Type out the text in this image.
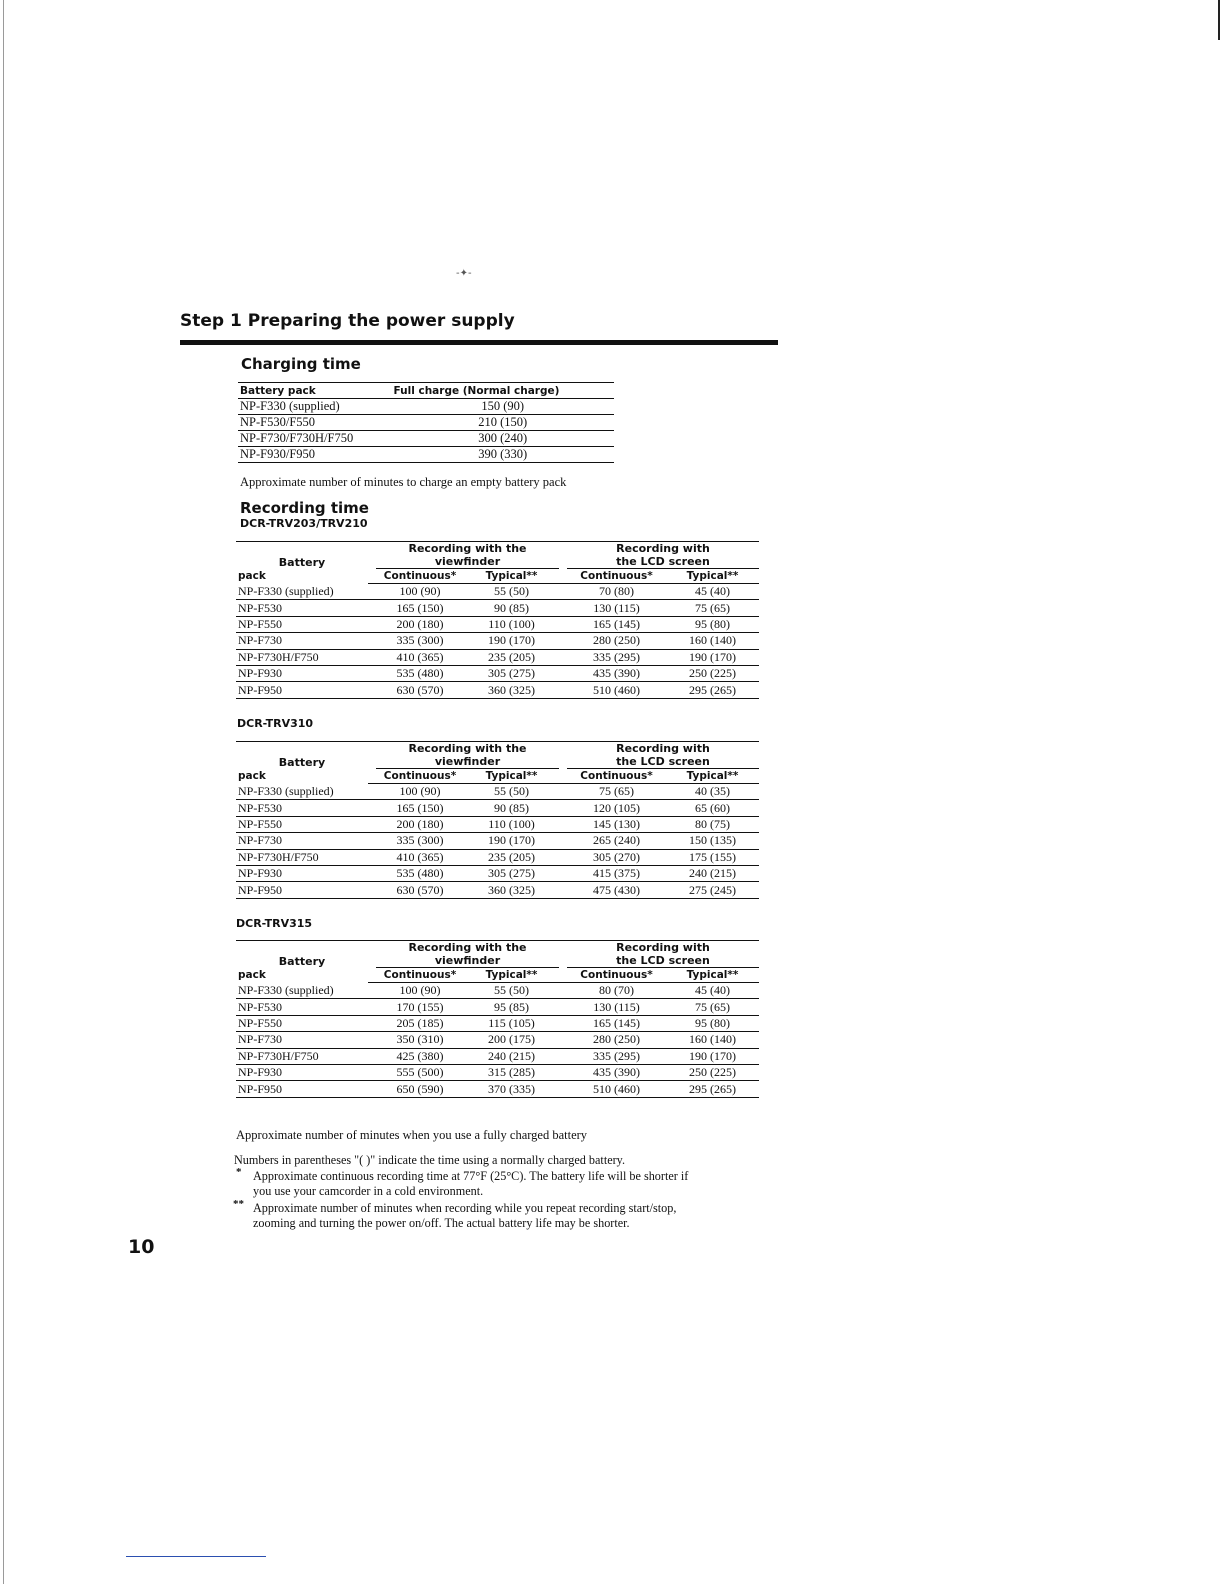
-✦-
Step 1 Preparing the power supply
Charging time
Battery pack	Full charge (Normal charge)
NP-F330 (supplied)	150 (90)
NP-F530/F550	210 (150)
NP-F730/F730H/F750	300 (240)
NP-F930/F950	390 (330)

Approximate number of minutes to charge an empty battery pack

Recording time
DCR-TRV203/TRV210
Battery		Recording with the viewfinder			Recording with the LCD screen	

pack		Continuous*	Typical**		Continuous*	Typical**
NP-F330 (supplied)		100 (90)	55 (50)		70 (80)	45 (40)
NP-F530		165 (150)	90 (85)		130 (115)	75 (65)
NP-F550		200 (180)	110 (100)		165 (145)	95 (80)
NP-F730		335 (300)	190 (170)		280 (250)	160 (140)
NP-F730H/F750		410 (365)	235 (205)		335 (295)	190 (170)
NP-F930		535 (480)	305 (275)		435 (390)	250 (225)
NP-F950		630 (570)	360 (325)		510 (460)	295 (265)
DCR-TRV310
Battery		Recording with the viewfinder			Recording with the LCD screen	

pack		Continuous*	Typical**		Continuous*	Typical**
NP-F330 (supplied)		100 (90)	55 (50)		75 (65)	40 (35)
NP-F530		165 (150)	90 (85)		120 (105)	65 (60)
NP-F550		200 (180)	110 (100)		145 (130)	80 (75)
NP-F730		335 (300)	190 (170)		265 (240)	150 (135)
NP-F730H/F750		410 (365)	235 (205)		305 (270)	175 (155)
NP-F930		535 (480)	305 (275)		415 (375)	240 (215)
NP-F950		630 (570)	360 (325)		475 (430)	275 (245)
DCR-TRV315
Battery		Recording with the viewfinder			Recording with the LCD screen	

pack		Continuous*	Typical**		Continuous*	Typical**
NP-F330 (supplied)		100 (90)	55 (50)		80 (70)	45 (40)
NP-F530		170 (155)	95 (85)		130 (115)	75 (65)
NP-F550		205 (185)	115 (105)		165 (145)	95 (80)
NP-F730		350 (310)	200 (175)		280 (250)	160 (140)
NP-F730H/F750		425 (380)	240 (215)		335 (295)	190 (170)
NP-F930		555 (500)	315 (285)		435 (390)	250 (225)
NP-F950		650 (590)	370 (335)		510 (460)	295 (265)

Approximate number of minutes when you use a fully charged battery

Numbers in parentheses "( )" indicate the time using a normally charged battery.

* Approximate continuous recording time at 77°F (25°C). The battery life will be shorter if

you use your camcorder in a cold environment.

** Approximate number of minutes when recording while you repeat recording start/stop,

zooming and turning the power on/off. The actual battery life may be shorter.

10
